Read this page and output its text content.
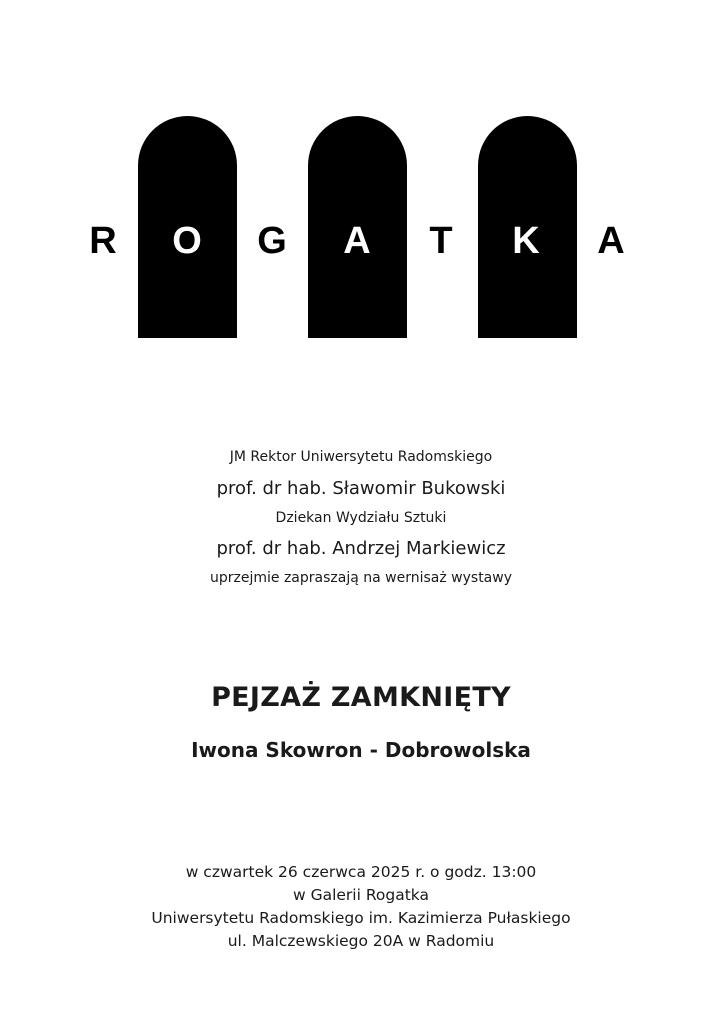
R O G A	T	K A
JM Rektor Uniwersytetu Radomskiego
prof. dr hab. Sławomir Bukowski
Dziekan Wydziału Sztuki
prof. dr hab. Andrzej Markiewicz
uprzejmie zapraszają na wernisaż wystawy
PEJZAŻ ZAMKNIĘTY
Iwona Skowron - Dobrowolska
w czwartek 26 czerwca 2025 r. o godz. 13:00
w Galerii Rogatka
Uniwersytetu Radomskiego im. Kazimierza Pułaskiego
ul. Malczewskiego 20A w Radomiu
